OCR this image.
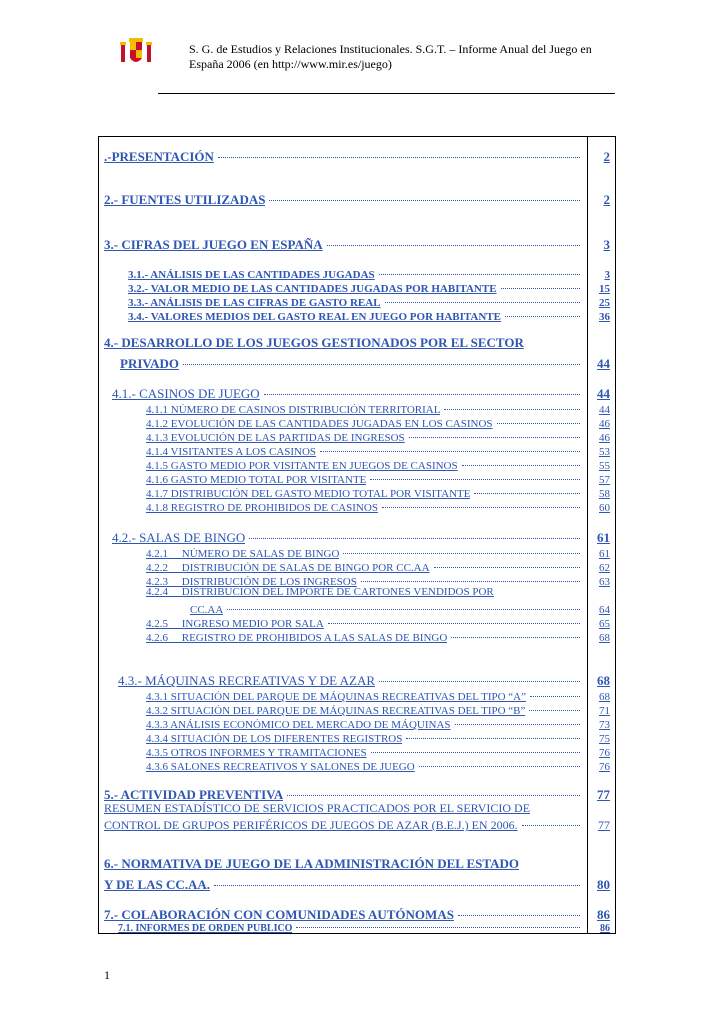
S. G. de Estudios y Relaciones Institucionales. S.G.T. – Informe Anual del Juego en
España 2006 (en http://www.mir.es/juego)
.-PRESENTACIÓN	2
2.- FUENTES UTILIZADAS	2
3.- CIFRAS DEL JUEGO EN ESPAÑA	3
3.1.- ANÁLISIS DE LAS CANTIDADES JUGADAS	3
3.2.- VALOR MEDIO DE LAS CANTIDADES JUGADAS POR HABITANTE	15
3.3.- ANÁLISIS DE LAS CIFRAS DE GASTO REAL	25
3.4.- VALORES MEDIOS DEL GASTO REAL EN JUEGO POR HABITANTE	36
4.- DESARROLLO DE LOS JUEGOS GESTIONADOS POR EL SECTOR
PRIVADO	44
4.1.- CASINOS DE JUEGO	44
4.1.1 NÚMERO DE CASINOS DISTRIBUCIÓN TERRITORIAL	44
4.1.2 EVOLUCIÓN DE LAS CANTIDADES JUGADAS EN LOS CASINOS	46
4.1.3 EVOLUCIÓN DE LAS PARTIDAS DE INGRESOS	46
4.1.4 VISITANTES A LOS CASINOS	53
4.1.5 GASTO MEDIO POR VISITANTE EN JUEGOS DE CASINOS	55
4.1.6 GASTO MEDIO TOTAL POR VISITANTE	57
4.1.7 DISTRIBUCIÓN DEL GASTO MEDIO TOTAL POR VISITANTE	58
4.1.8 REGISTRO DE PROHIBIDOS DE CASINOS	60
4.2.- SALAS DE BINGO	61
4.2.1     NÚMERO DE SALAS DE BINGO	61
4.2.2     DISTRIBUCIÓN DE SALAS DE BINGO POR CC.AA	62
4.2.3     DISTRIBUCIÓN DE LOS INGRESOS	63
4.2.4     DISTRIBUCIÓN DEL IMPORTE DE CARTONES VENDIDOS POR
CC.AA	64
4.2.5     INGRESO MEDIO POR SALA	65
4.2.6     REGISTRO DE PROHIBIDOS A LAS SALAS DE BINGO	68
4.3.- MÁQUINAS RECREATIVAS Y DE AZAR	68
4.3.1 SITUACIÓN DEL PARQUE DE MÁQUINAS RECREATIVAS DEL TIPO “A”	68
4.3.2 SITUACIÓN DEL PARQUE DE MÁQUINAS RECREATIVAS DEL TIPO “B”	71
4.3.3 ANÁLISIS ECONÓMICO DEL MERCADO DE MÁQUINAS	73
4.3.4 SITUACIÓN DE LOS DIFERENTES REGISTROS	75
4.3.5 OTROS INFORMES Y TRAMITACIONES	76
4.3.6 SALONES RECREATIVOS Y SALONES DE JUEGO	76
5.- ACTIVIDAD PREVENTIVA	77
RESUMEN ESTADÍSTICO DE SERVICIOS PRACTICADOS POR EL SERVICIO DE
CONTROL DE GRUPOS PERIFÉRICOS DE JUEGOS DE AZAR (B.E.J.) EN 2006.	77
6.- NORMATIVA DE JUEGO DE LA ADMINISTRACIÓN DEL ESTADO
Y DE LAS CC.AA.	80
7.- COLABORACIÓN CON COMUNIDADES AUTÓNOMAS	86
7.1. INFORMES DE ORDEN PÚBLICO	86
1
